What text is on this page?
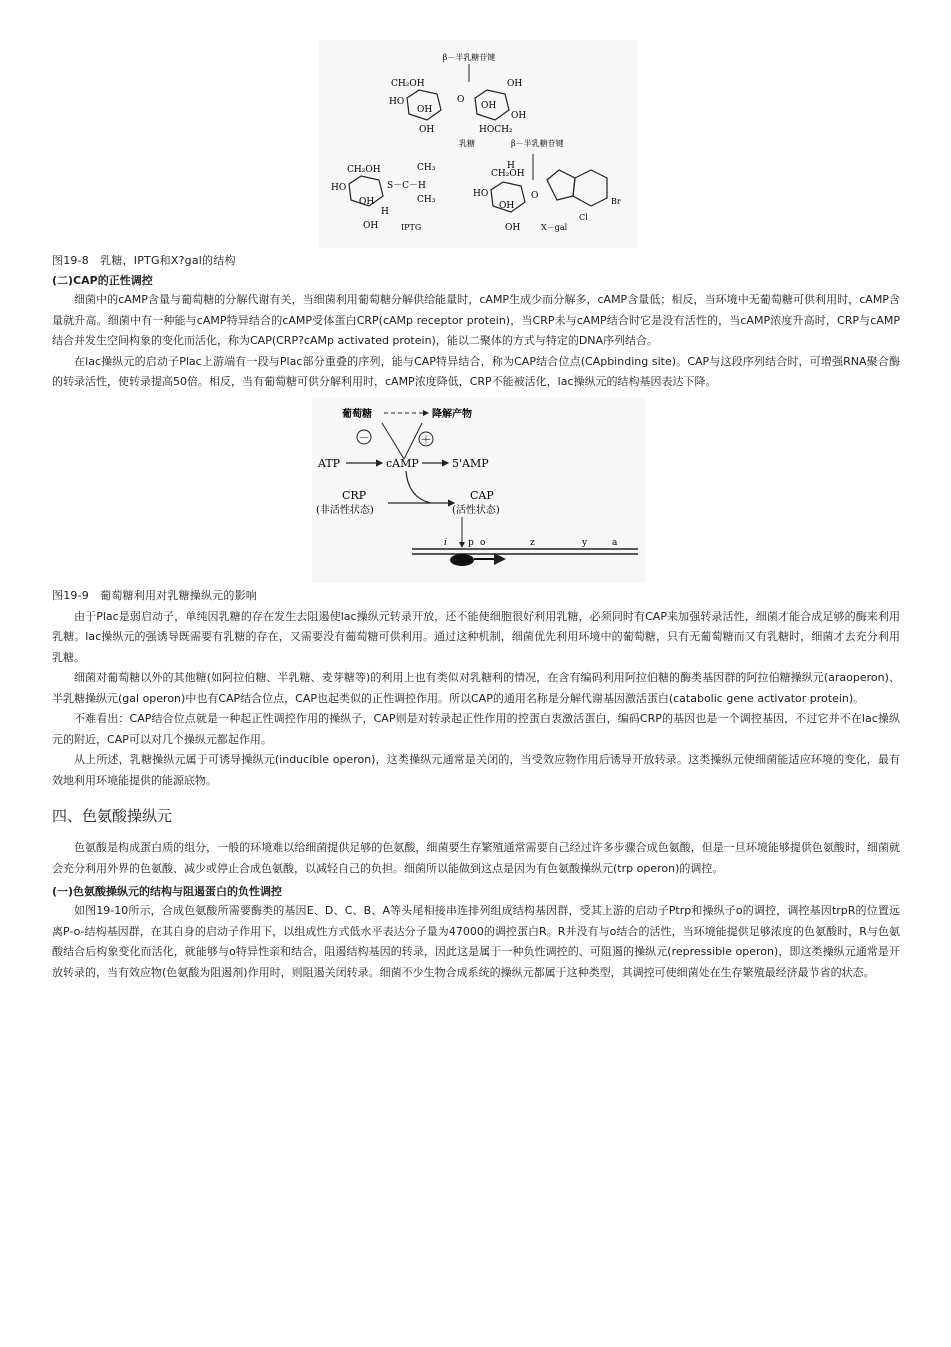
β－半乳糖苷键
CH₂OH	OH
HO
OH
O
OH
OH
OH	HOCH₂
乳糖	β－半乳糖苷键
CH₂OH	CH₃
HO	S－C－H
CH₃
OH
H
OH	IPTG
H
CH₂OH
HO
OH
O
Br
Cl
OH	X－gal
图19-8　乳糖，IPTG和X?gal的结构
(二)CAP的正性调控

细菌中的cAMP含量与葡萄糖的分解代谢有关，当细菌利用葡萄糖分解供给能量时，cAMP生成少而分解多，cAMP含量低；相反，当环境中无葡萄糖可供利用时，cAMP含量就升高。细菌中有一种能与cAMP特异结合的cAMP受体蛋白CRP(cAMp receptor protein)，当CRP未与cAMP结合时它是没有活性的，当cAMP浓度升高时，CRP与cAMP结合并发生空间构象的变化而活化，称为CAP(CRP?cAMp activated protein)，能以二聚体的方式与特定的DNA序列结合。

在lac操纵元的启动子Plac上游端有一段与Plac部分重叠的序列，能与CAP特异结合，称为CAP结合位点(CApbinding site)。CAP与这段序列结合时，可增强RNA聚合酶的转录活性，使转录提高50倍。相反，当有葡萄糖可供分解利用时，cAMP浓度降低，CRP不能被活化，lac操纵元的结构基因表达下降。

葡萄糖	降解产物
－	＋
ATP	cAMP	5'AMP
CRP
(非活性状态)
CAP
(活性状态)
i p o	z	y	a
图19-9　葡萄糖利用对乳糖操纵元的影响

由于Plac是弱启动子，单纯因乳糖的存在发生去阻遏使lac操纵元转录开放，还不能使细胞很好利用乳糖，必须同时有CAP来加强转录活性，细菌才能合成足够的酶来利用乳糖。lac操纵元的强诱导既需要有乳糖的存在，又需要没有葡萄糖可供利用。通过这种机制，细菌优先利用环境中的葡萄糖，只有无葡萄糖而又有乳糖时，细菌才去充分利用乳糖。

细菌对葡萄糖以外的其他糖(如阿拉伯糖、半乳糖、麦芽糖等)的利用上也有类似对乳糖利的情况，在含有编码利用阿拉伯糖的酶类基因群的阿拉伯糖操纵元(araoperon)、半乳糖操纵元(gal operon)中也有CAP结合位点，CAP也起类似的正性调控作用。所以CAP的通用名称是分解代谢基因激活蛋白(catabolic gene activator protein)。

不难看出：CAP结合位点就是一种起正性调控作用的操纵子，CAP则是对转录起正性作用的控蛋白衷激活蛋白，编码CRP的基因也是一个调控基因，不过它并不在lac操纵元的附近，CAP可以对几个操纵元都起作用。

从上所述，乳糖操纵元属于可诱导操纵元(inducible operon)，这类操纵元通常是关闭的，当受效应物作用后诱导开放转录。这类操纵元使细菌能适应环境的变化，最有效地利用环境能提供的能源底物。

四、色氨酸操纵元

色氨酸是构成蛋白质的组分，一般的环境难以给细菌提供足够的色氨酸，细菌要生存繁殖通常需要自己经过许多步骤合成色氨酸，但是一旦环境能够提供色氨酸时，细菌就会充分利用外界的色氨酸、减少或停止合成色氨酸，以减轻自己的负担。细菌所以能做到这点是因为有色氨酸操纵元(trp operon)的调控。

(一)色氨酸操纵元的结构与阻遏蛋白的负性调控

如图19-10所示，合成色氨酸所需要酶类的基因E、D、C、B、A等头尾相接串连排列组成结构基因群，受其上游的启动子Ptrp和操纵子o的调控，调控基因trpR的位置远离P-o-结构基因群，在其自身的启动子作用下，以组成性方式低水平表达分子量为47000的调控蛋白R。R并没有与o结合的活性，当环境能提供足够浓度的色氨酸时，R与色氨酸结合后构象变化而活化，就能够与o特异性亲和结合，阻遏结构基因的转录，因此这是属于一种负性调控的、可阻遏的操纵元(repressible operon)，即这类操纵元通常是开放转录的，当有效应物(色氨酸为阻遏剂)作用时，则阻遏关闭转录。细菌不少生物合成系统的操纵元都属于这种类型，其调控可使细菌处在生存繁殖最经济最节省的状态。
